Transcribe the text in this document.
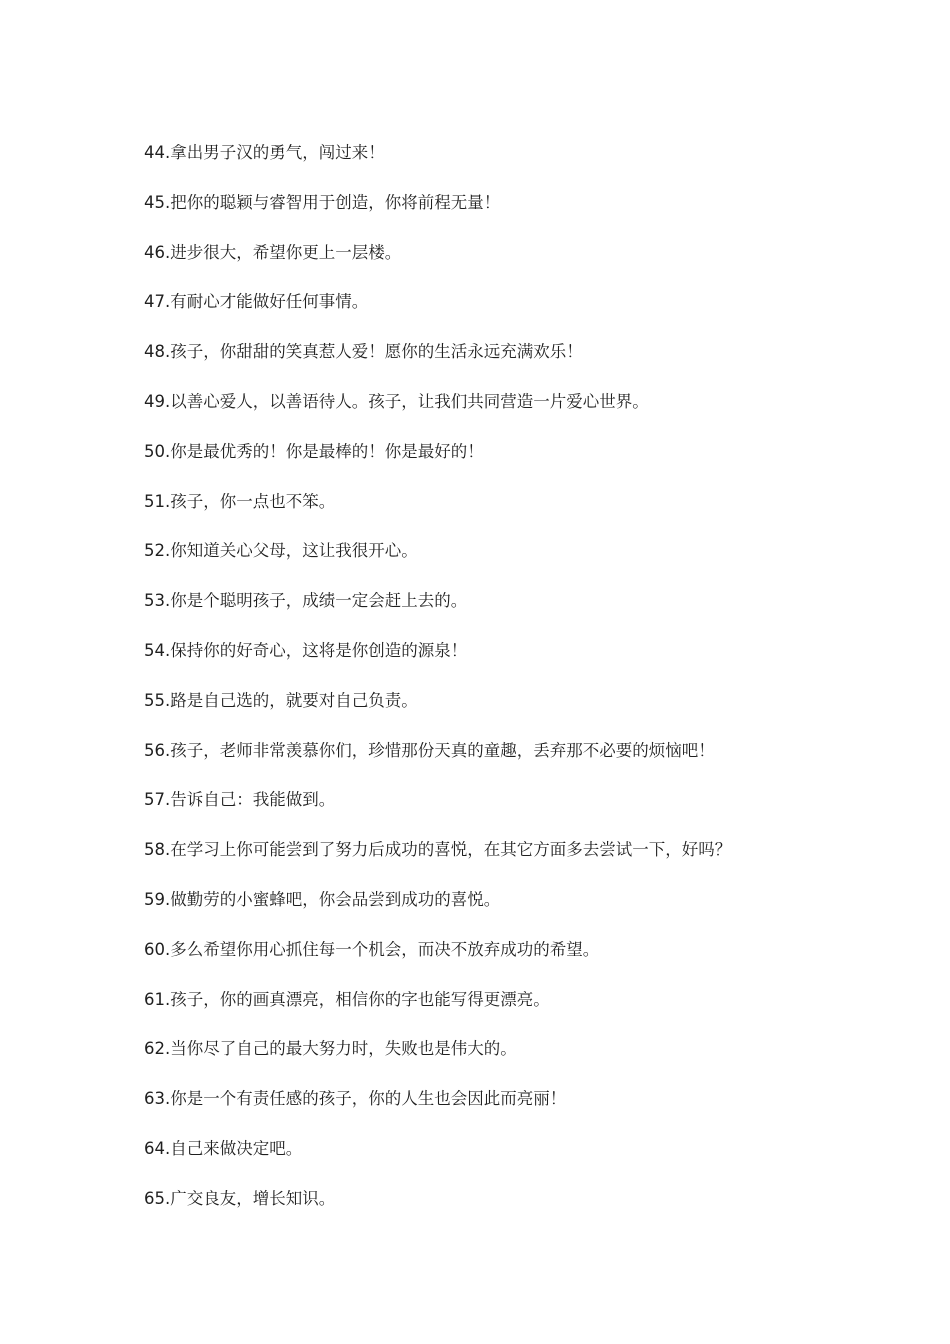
44.拿出男子汉的勇气，闯过来！
45.把你的聪颖与睿智用于创造，你将前程无量！
46.进步很大，希望你更上一层楼。
47.有耐心才能做好任何事情。
48.孩子，你甜甜的笑真惹人爱！愿你的生活永远充满欢乐！
49.以善心爱人，以善语待人。孩子，让我们共同营造一片爱心世界。
50.你是最优秀的！你是最棒的！你是最好的！
51.孩子，你一点也不笨。
52.你知道关心父母，这让我很开心。
53.你是个聪明孩子，成绩一定会赶上去的。
54.保持你的好奇心，这将是你创造的源泉！
55.路是自己选的，就要对自己负责。
56.孩子，老师非常羡慕你们，珍惜那份天真的童趣，丢弃那不必要的烦恼吧！
57.告诉自己：我能做到。
58.在学习上你可能尝到了努力后成功的喜悦，在其它方面多去尝试一下，好吗？
59.做勤劳的小蜜蜂吧，你会品尝到成功的喜悦。
60.多么希望你用心抓住每一个机会，而决不放弃成功的希望。
61.孩子，你的画真漂亮，相信你的字也能写得更漂亮。
62.当你尽了自己的最大努力时，失败也是伟大的。
63.你是一个有责任感的孩子，你的人生也会因此而亮丽！
64.自己来做决定吧。
65.广交良友，增长知识。
